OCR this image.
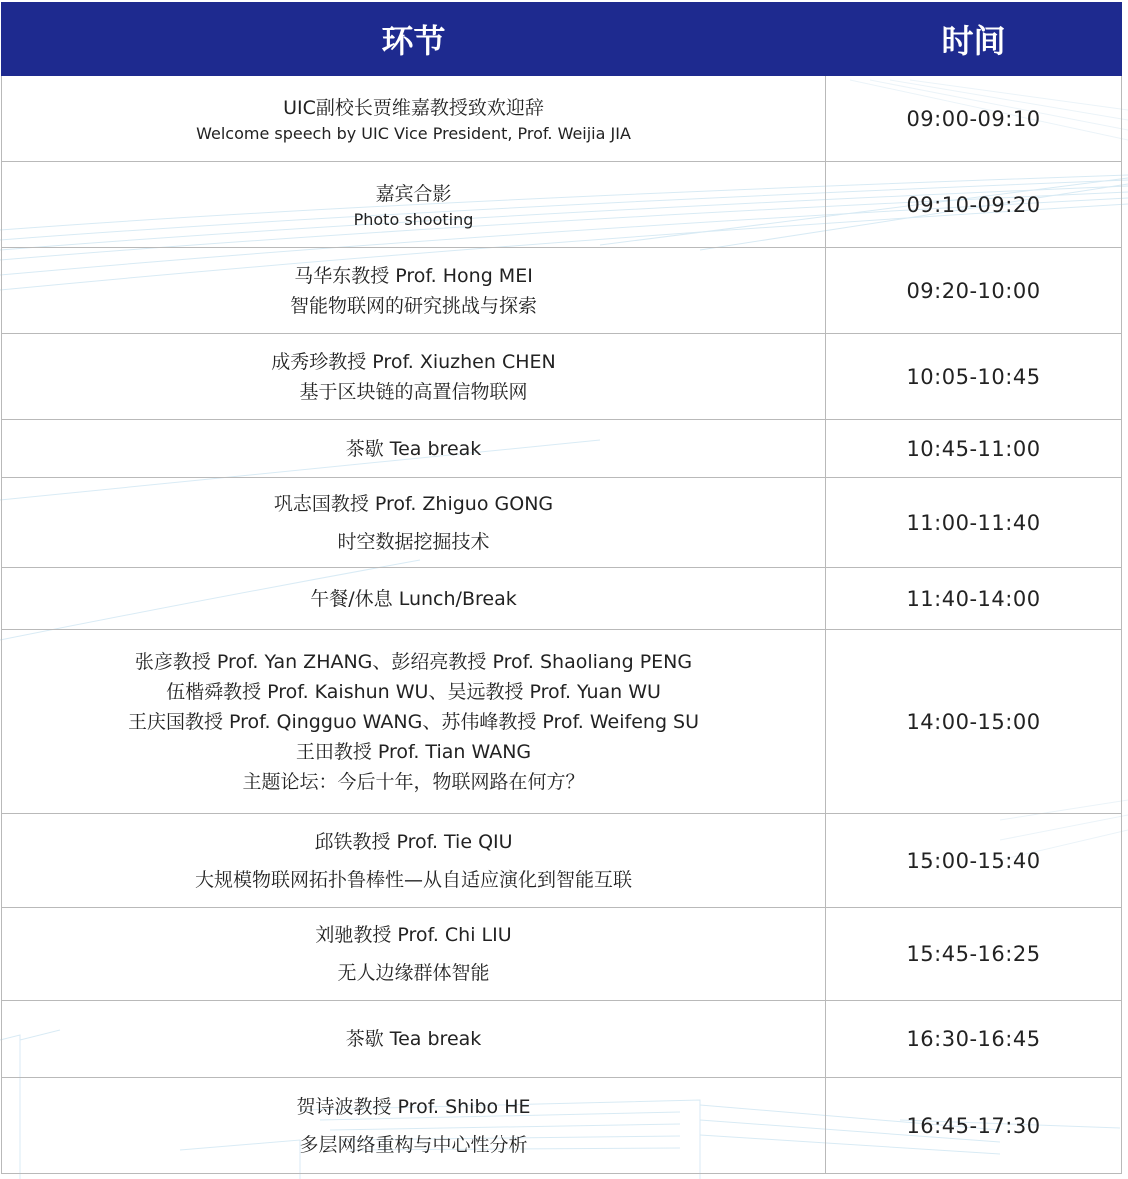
环节	时间

UIC副校长贾维嘉教授致欢迎辞
Welcome speech by UIC Vice President, Prof. Weijia JIA	09:00-09:10

嘉宾合影
Photo shooting	09:10-09:20

马华东教授 Prof. Hong MEI
智能物联网的研究挑战与探索	09:20-10:00

成秀珍教授 Prof. Xiuzhen CHEN
基于区块链的高置信物联网	10:05-10:45

茶歇 Tea break	10:45-11:00

巩志国教授 Prof. Zhiguo GONG
时空数据挖掘技术	11:00-11:40

午餐/休息 Lunch/Break	11:40-14:00

张彦教授 Prof. Yan ZHANG、彭绍亮教授 Prof. Shaoliang PENG
伍楷舜教授 Prof. Kaishun WU、吴远教授 Prof. Yuan WU
王庆国教授 Prof. Qingguo WANG、苏伟峰教授 Prof. Weifeng SU
王田教授 Prof. Tian WANG
主题论坛：今后十年，物联网路在何方？	14:00-15:00

邱铁教授 Prof. Tie QIU
大规模物联网拓扑鲁棒性—从自适应演化到智能互联	15:00-15:40

刘驰教授 Prof. Chi LIU
无人边缘群体智能	15:45-16:25

茶歇 Tea break	16:30-16:45

贺诗波教授 Prof. Shibo HE
多层网络重构与中心性分析	16:45-17:30
